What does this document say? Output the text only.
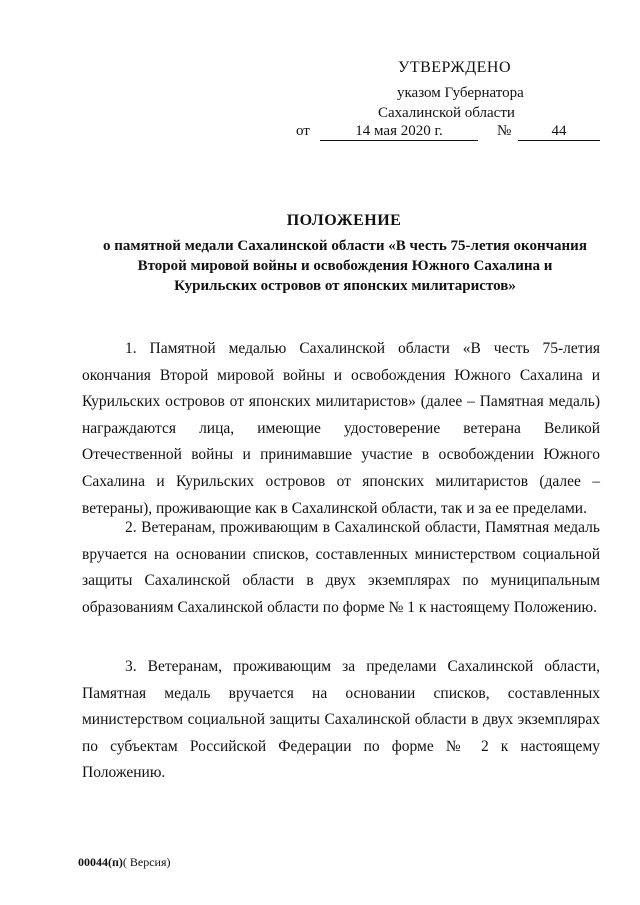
УТВЕРЖДЕНО
указом Губернатора
Сахалинской области
от	14 мая 2020 г.	№	44
ПОЛОЖЕНИЕ
о памятной медали Сахалинской области «В честь 75-летия окончания Второй мировой войны и освобождения Южного Сахалина и Курильских островов от японских милитаристов»

1. Памятной медалью Сахалинской области «В честь 75-летия окончания Второй мировой войны и освобождения Южного Сахалина и Курильских островов от японских милитаристов» (далее – Памятная медаль) награждаются лица, имеющие удостоверение ветерана Великой Отечественной войны и принимавшие участие в освобождении Южного Сахалина и Курильских островов от японских милитаристов (далее – ветераны), проживающие как в Сахалинской области, так и за ее пределами.

2. Ветеранам, проживающим в Сахалинской области, Памятная медаль вручается на основании списков, составленных министерством социальной защиты Сахалинской области в двух экземплярах по муниципальным образованиям Сахалинской области по форме № 1 к настоящему Положению.

3. Ветеранам, проживающим за пределами Сахалинской области, Памятная медаль вручается на основании списков, составленных министерством социальной защиты Сахалинской области в двух экземплярах по субъектам Российской Федерации по форме № 2 к настоящему Положению.

00044(п)( Версия)
